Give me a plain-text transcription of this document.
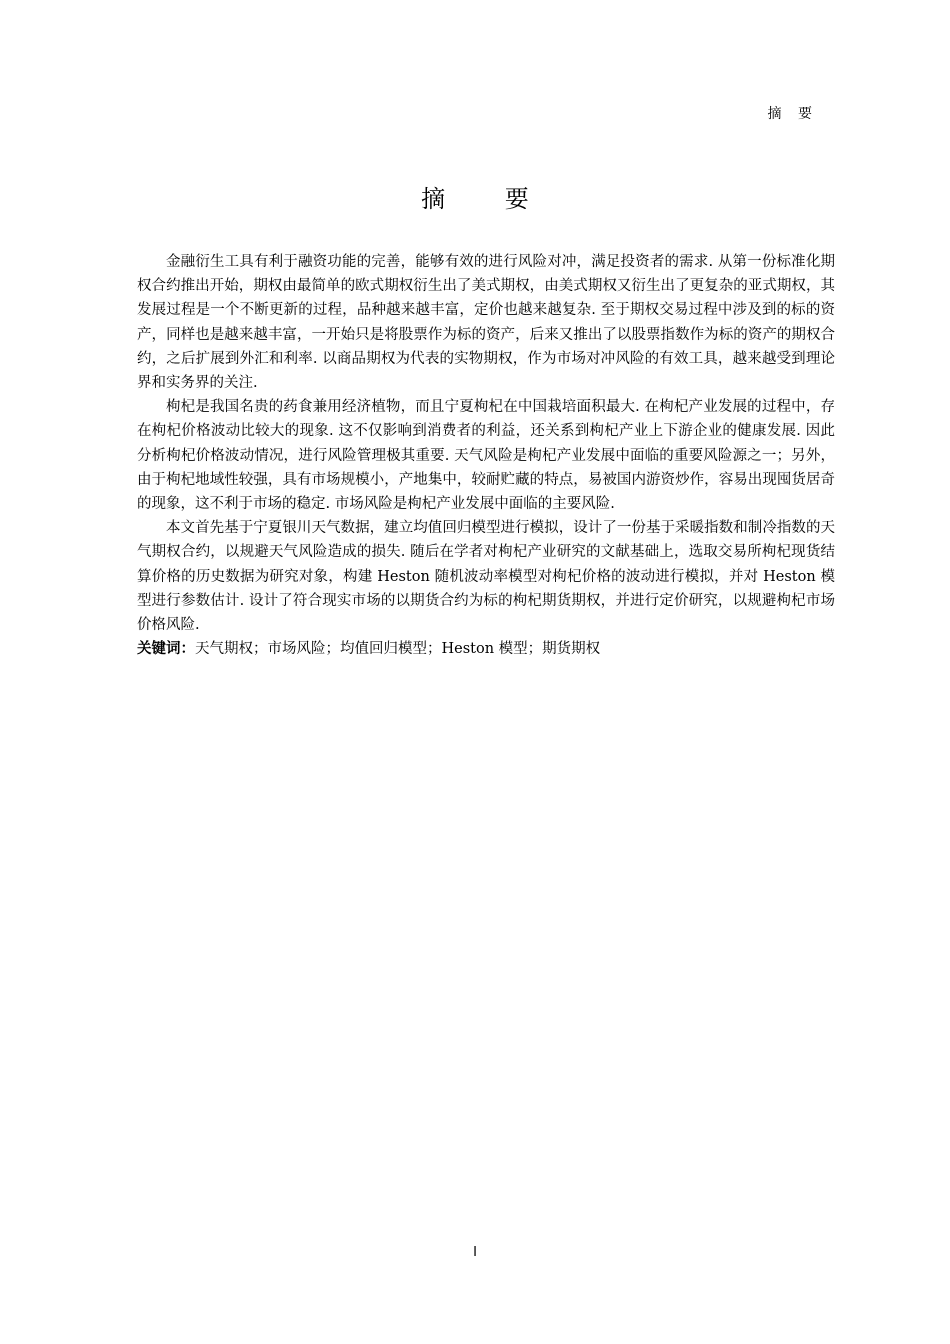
摘 要
摘 要

金融衍生工具有利于融资功能的完善，能够有效的进行风险对冲，满足投资者的需求. 从第一份标准化期权合约推出开始，期权由最简单的欧式期权衍生出了美式期权，由美式期权又衍生出了更复杂的亚式期权，其发展过程是一个不断更新的过程，品种越来越丰富，定价也越来越复杂. 至于期权交易过程中涉及到的标的资产，同样也是越来越丰富，一开始只是将股票作为标的资产，后来又推出了以股票指数作为标的资产的期权合约，之后扩展到外汇和利率. 以商品期权为代表的实物期权，作为市场对冲风险的有效工具，越来越受到理论界和实务界的关注.

枸杞是我国名贵的药食兼用经济植物，而且宁夏枸杞在中国栽培面积最大. 在枸杞产业发展的过程中，存在枸杞价格波动比较大的现象. 这不仅影响到消费者的利益，还关系到枸杞产业上下游企业的健康发展. 因此分析枸杞价格波动情况，进行风险管理极其重要. 天气风险是枸杞产业发展中面临的重要风险源之一；另外，由于枸杞地域性较强，具有市场规模小，产地集中，较耐贮藏的特点，易被国内游资炒作，容易出现囤货居奇的现象，这不利于市场的稳定. 市场风险是枸杞产业发展中面临的主要风险.

本文首先基于宁夏银川天气数据，建立均值回归模型进行模拟，设计了一份基于采暖指数和制冷指数的天气期权合约，以规避天气风险造成的损失. 随后在学者对枸杞产业研究的文献基础上，选取交易所枸杞现货结算价格的历史数据为研究对象，构建 Heston 随机波动率模型对枸杞价格的波动进行模拟，并对 Heston 模型进行参数估计. 设计了符合现实市场的以期货合约为标的枸杞期货期权，并进行定价研究，以规避枸杞市场价格风险.

关键词：天气期权；市场风险；均值回归模型；Heston 模型；期货期权
I
